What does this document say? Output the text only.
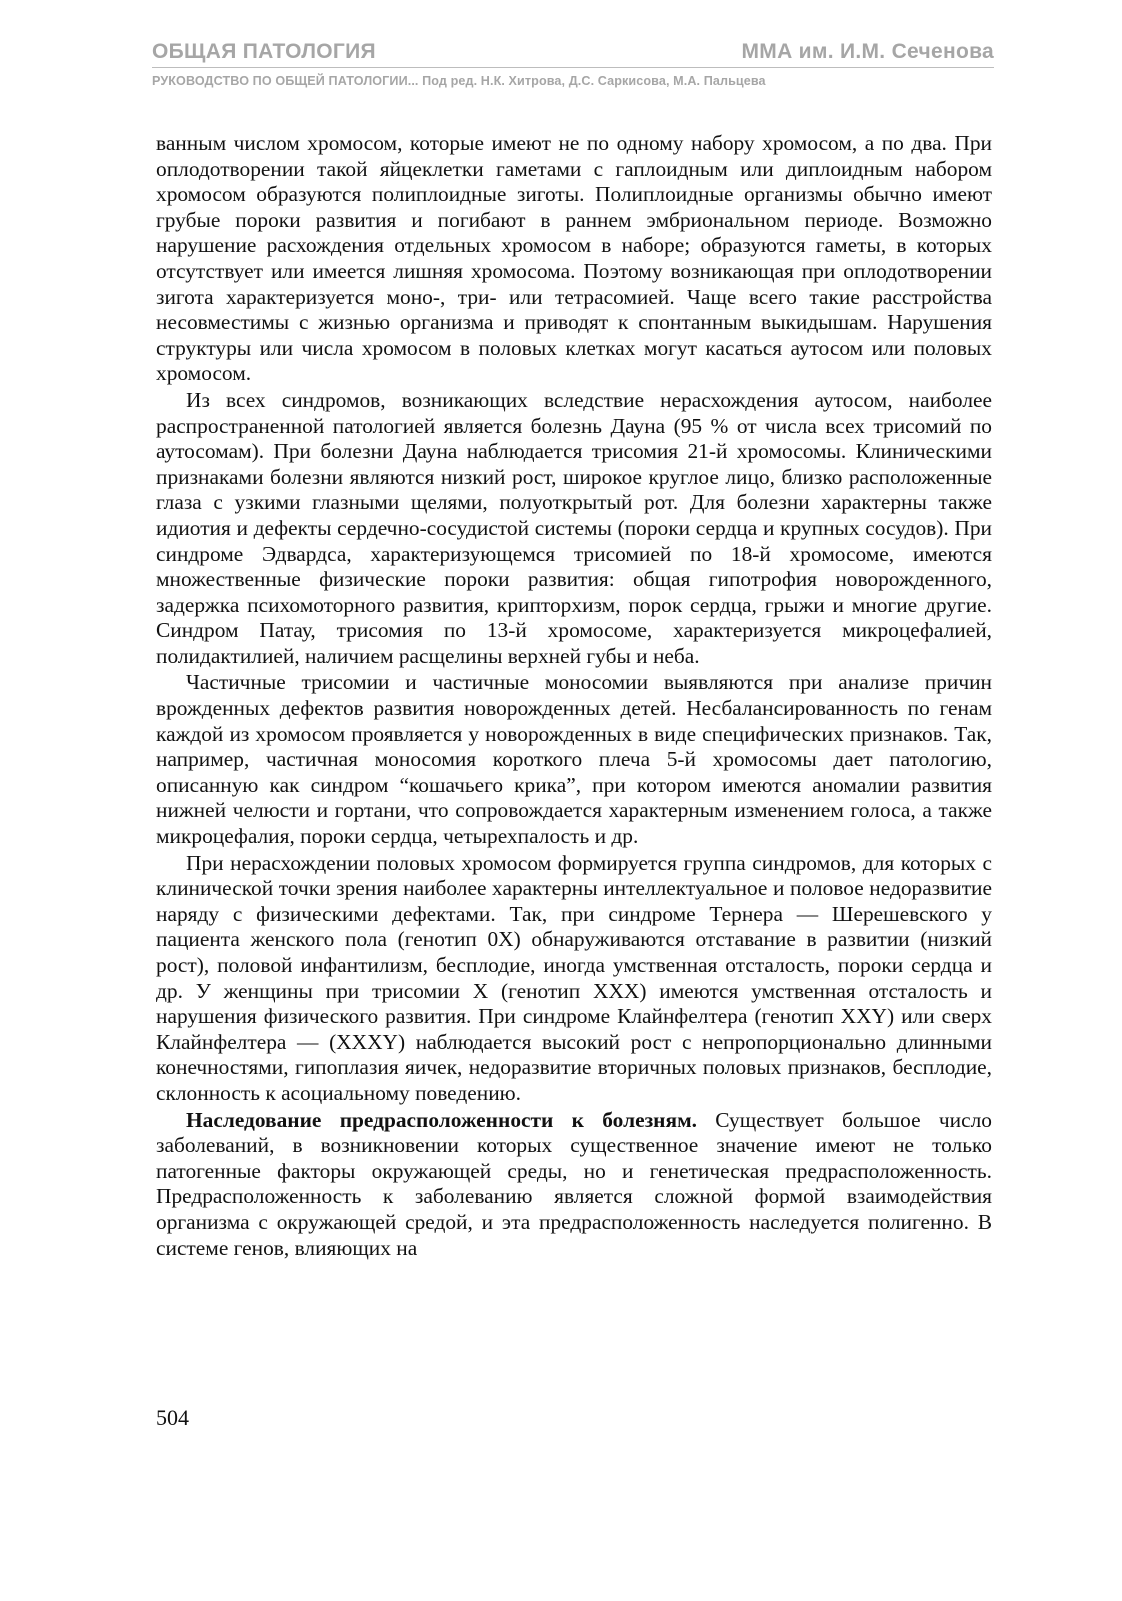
ОБЩАЯ ПАТОЛОГИЯ	ММА им. И.М. Сеченова
РУКОВОДСТВО ПО ОБЩЕЙ ПАТОЛОГИИ... Под ред. Н.К. Хитрова, Д.С. Саркисова, М.А. Пальцева

ванным числом хромосом, которые имеют не по одному набору хромосом, а по два. При оплодотворении такой яйцеклетки гаметами с гаплоидным или диплоидным набором хромосом образуются полиплоидные зиготы. Полиплоидные организмы обычно имеют грубые пороки развития и погибают в раннем эмбриональном периоде. Возможно нарушение расхождения отдельных хромосом в наборе; образуются гаметы, в которых отсутствует или имеется лишняя хромосома. Поэтому возникающая при оплодотворении зигота характеризуется моно-, три- или тетрасомией. Чаще всего такие расстройства несовместимы с жизнью организма и приводят к спонтанным выкидышам. Нарушения структуры или числа хромосом в половых клетках могут касаться аутосом или половых хромосом.

Из всех синдромов, возникающих вследствие нерасхождения аутосом, наиболее распространенной патологией является болезнь Дауна (95 % от числа всех трисомий по аутосомам). При болезни Дауна наблюдается трисомия 21-й хромосомы. Клиническими признаками болезни являются низкий рост, широкое круглое лицо, близко расположенные глаза с узкими глазными щелями, полуоткрытый рот. Для болезни характерны также идиотия и дефекты сердечно-сосудистой системы (пороки сердца и крупных сосудов). При синдроме Эдвардса, характеризующемся трисомией по 18-й хромосоме, имеются множественные физические пороки развития: общая гипотрофия новорожденного, задержка психомоторного развития, крипторхизм, порок сердца, грыжи и многие другие. Синдром Патау, трисомия по 13-й хромосоме, характеризуется микроцефалией, полидактилией, наличием расщелины верхней губы и неба.

Частичные трисомии и частичные моносомии выявляются при анализе причин врожденных дефектов развития новорожденных детей. Несбалансированность по генам каждой из хромосом проявляется у новорожденных в виде специфических признаков. Так, например, частичная моносомия короткого плеча 5-й хромосомы дает патологию, описанную как синдром “кошачьего крика”, при котором имеются аномалии развития нижней челюсти и гортани, что сопровождается характерным изменением голоса, а также микроцефалия, пороки сердца, четырехпалость и др.

При нерасхождении половых хромосом формируется группа синдромов, для которых с клинической точки зрения наиболее характерны интеллектуальное и половое недоразвитие наряду с физическими дефектами. Так, при синдроме Тернера — Шерешевского у пациента женского пола (генотип 0X) обнаруживаются отставание в развитии (низкий рост), половой инфантилизм, бесплодие, иногда умственная отсталость, пороки сердца и др. У женщины при трисомии X (генотип XXX) имеются умственная отсталость и нарушения физического развития. При синдроме Клайнфелтера (генотип XXY) или сверх Клайнфелтера — (XXXY) наблюдается высокий рост с непропорционально длинными конечностями, гипоплазия яичек, недоразвитие вторичных половых признаков, бесплодие, склонность к асоциальному поведению.

Наследование предрасположенности к болезням. Существует большое число заболеваний, в возникновении которых существенное значение имеют не только патогенные факторы окружающей среды, но и генетическая предрасположенность. Предрасположенность к заболеванию является сложной формой взаимодействия организма с окружающей средой, и эта предрасположенность наследуется полигенно. В системе генов, влияющих на

504
